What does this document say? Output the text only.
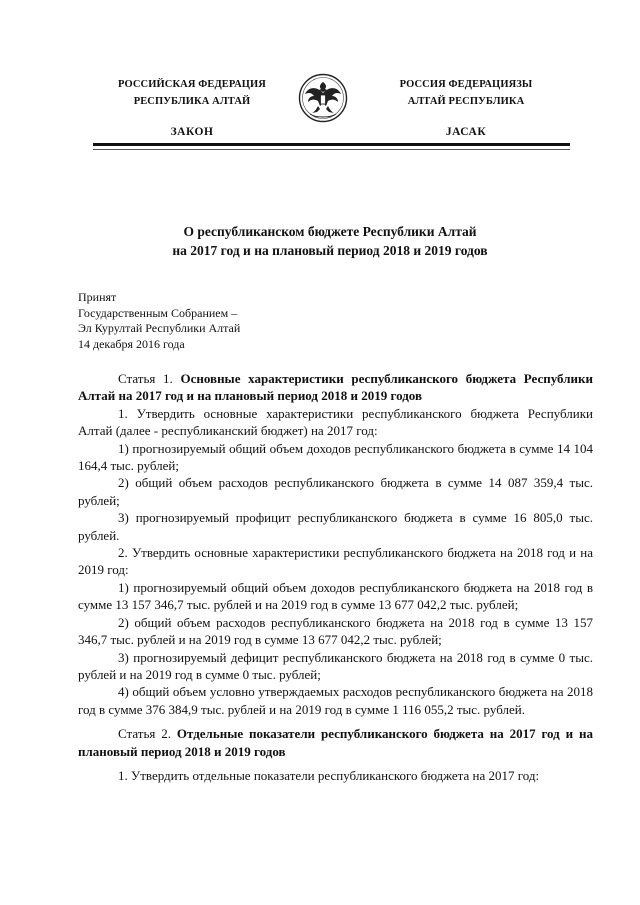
РОССИЙСКАЯ ФЕДЕРАЦИЯ
РЕСПУБЛИКА АЛТАЙ
ЗАКОН
РОССИЯ ФЕДЕРАЦИЯЗЫ
АЛТАЙ РЕСПУБЛИКА
ЈАСАК
О республиканском бюджете Республики Алтай
на 2017 год и на плановый период 2018 и 2019 годов
Принят
Государственным Собранием –
Эл Курултай Республики Алтай
14 декабря 2016 года

Статья 1. Основные характеристики республиканского бюджета Республики Алтай на 2017 год и на плановый период 2018 и 2019 годов

1. Утвердить основные характеристики республиканского бюджета Республики Алтай (далее - республиканский бюджет) на 2017 год:

1) прогнозируемый общий объем доходов республиканского бюджета в сумме 14 104 164,4 тыс. рублей;

2) общий объем расходов республиканского бюджета в сумме 14 087 359,4 тыс. рублей;

3) прогнозируемый профицит республиканского бюджета в сумме 16 805,0 тыс. рублей.

2. Утвердить основные характеристики республиканского бюджета на 2018 год и на 2019 год:

1) прогнозируемый общий объем доходов республиканского бюджета на 2018 год в сумме 13 157 346,7 тыс. рублей и на 2019 год в сумме 13 677 042,2 тыс. рублей;

2) общий объем расходов республиканского бюджета на 2018 год в сумме 13 157 346,7 тыс. рублей и на 2019 год в сумме 13 677 042,2 тыс. рублей;

3) прогнозируемый дефицит республиканского бюджета на 2018 год в сумме 0 тыс. рублей и на 2019 год в сумме 0 тыс. рублей;

4) общий объем условно утверждаемых расходов республиканского бюджета на 2018 год в сумме 376 384,9 тыс. рублей и на 2019 год в сумме 1 116 055,2 тыс. рублей.

Статья 2. Отдельные показатели республиканского бюджета на 2017 год и на плановый период 2018 и 2019 годов

1. Утвердить отдельные показатели республиканского бюджета на 2017 год:
